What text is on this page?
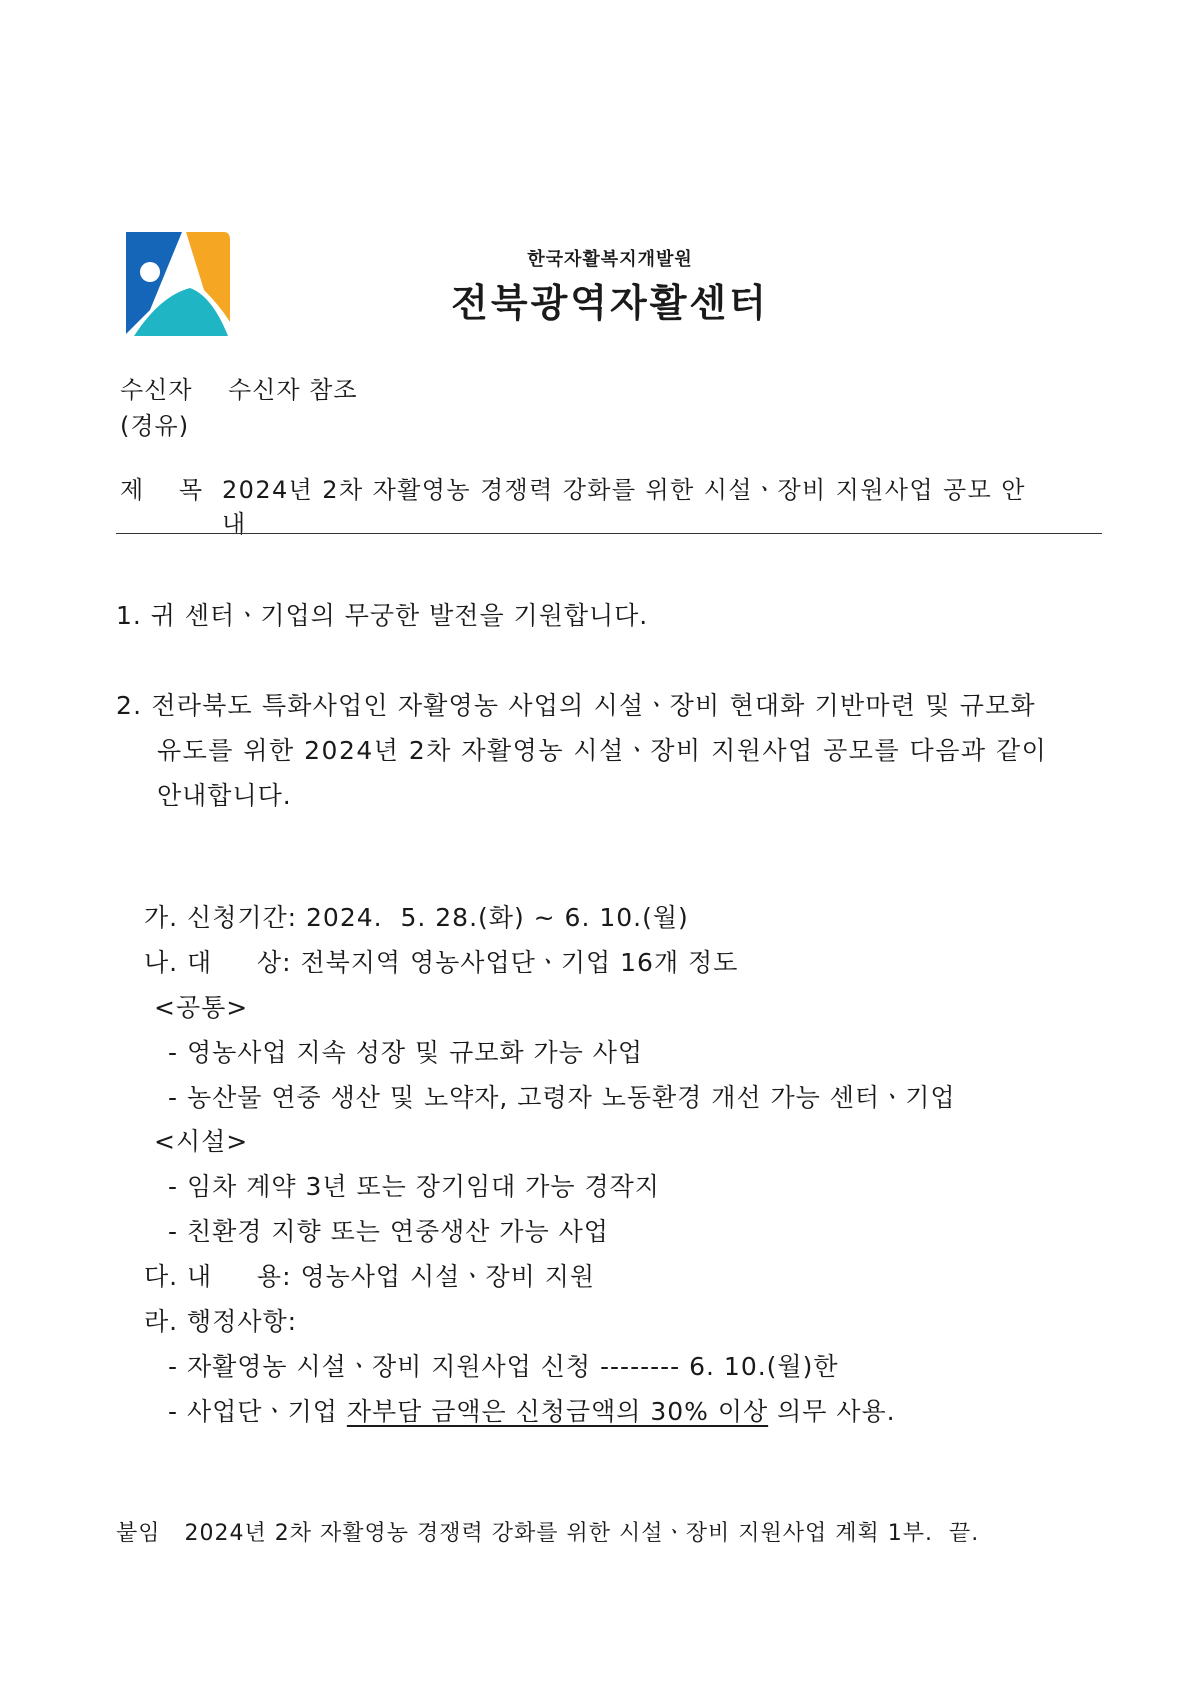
한국자활복지개발원
전북광역자활센터
수신자 수신자 참조
(경유)
제 목 2024년 2차 자활영농 경쟁력 강화를 위한 시설ㆍ장비 지원사업 공모 안
내
1. 귀 센터ㆍ기업의 무궁한 발전을 기원합니다.
2. 전라북도 특화사업인 자활영농 사업의 시설ㆍ장비 현대화 기반마련 및 규모화
유도를 위한 2024년 2차 자활영농 시설ㆍ장비 지원사업 공모를 다음과 같이
안내합니다.
가. 신청기간: 2024.  5. 28.(화) ~ 6. 10.(월)
나. 대     상: 전북지역 영농사업단ㆍ기업 16개 정도
<공통>
- 영농사업 지속 성장 및 규모화 가능 사업
- 농산물 연중 생산 및 노약자, 고령자 노동환경 개선 가능 센터ㆍ기업
<시설>
- 임차 계약 3년 또는 장기임대 가능 경작지
- 친환경 지향 또는 연중생산 가능 사업
다. 내     용: 영농사업 시설ㆍ장비 지원
라. 행정사항:
- 자활영농 시설ㆍ장비 지원사업 신청 -------- 6. 10.(월)한
- 사업단ㆍ기업 자부담 금액은 신청금액의 30% 이상 의무 사용.
붙임   2024년 2차 자활영농 경쟁력 강화를 위한 시설ㆍ장비 지원사업 계획 1부.  끝.
